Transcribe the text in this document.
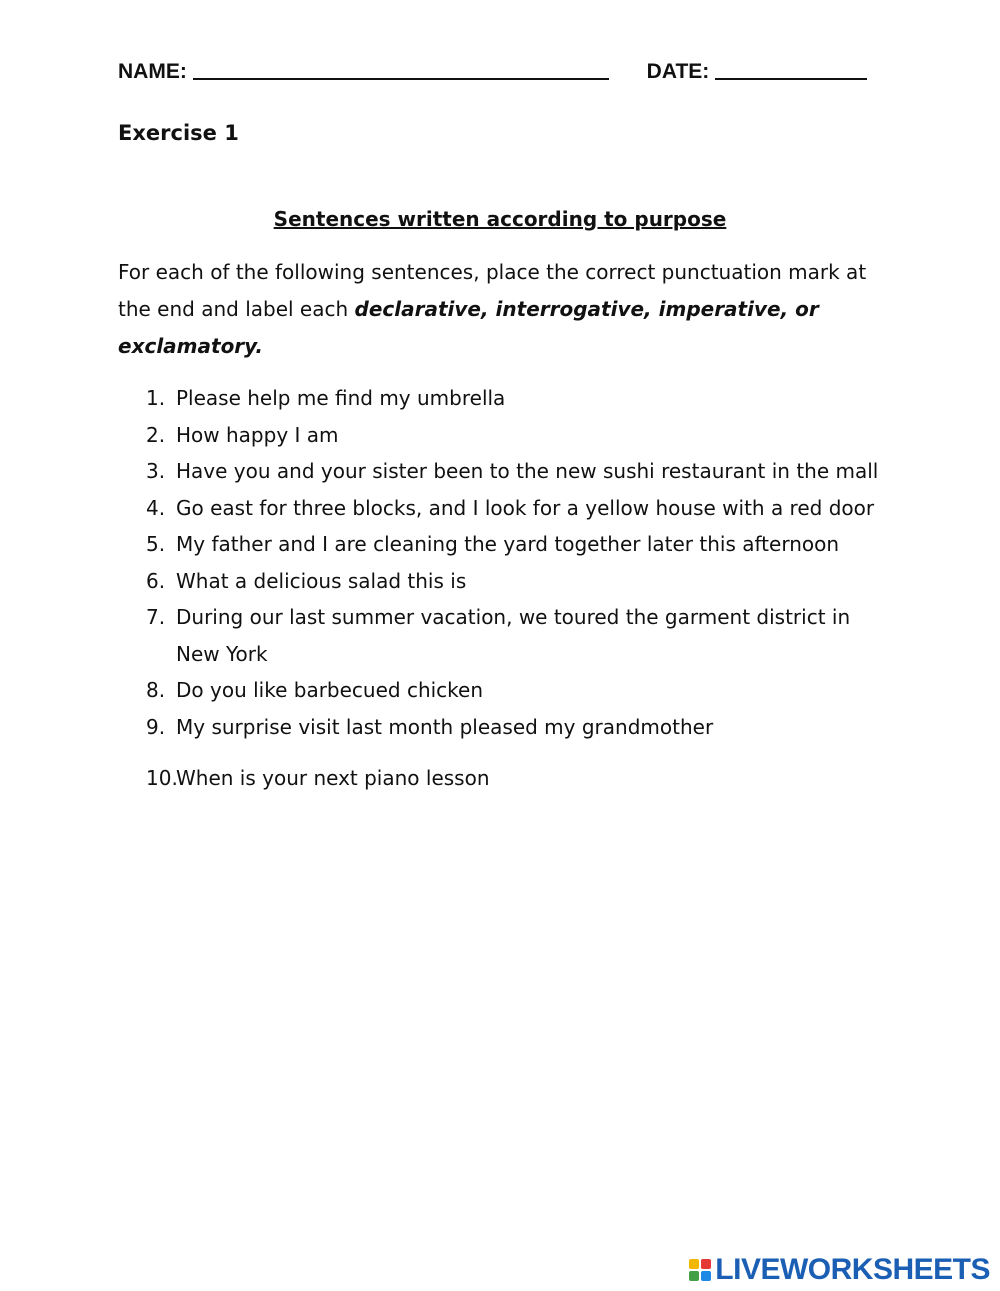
NAME:	DATE:
Exercise 1
Sentences written according to purpose
For each of the following sentences, place the correct punctuation mark at the end and label each declarative, interrogative, imperative, or exclamatory.
1. Please help me find my umbrella
2. How happy I am
3. Have you and your sister been to the new sushi restaurant in the mall
4. Go east for three blocks, and I look for a yellow house with a red door
5. My father and I are cleaning the yard together later this afternoon
6. What a delicious salad this is
7. During our last summer vacation, we toured the garment district in New York
8. Do you like barbecued chicken
9. My surprise visit last month pleased my grandmother
10.
When is your next piano lesson
LIVEWORKSHEETS
